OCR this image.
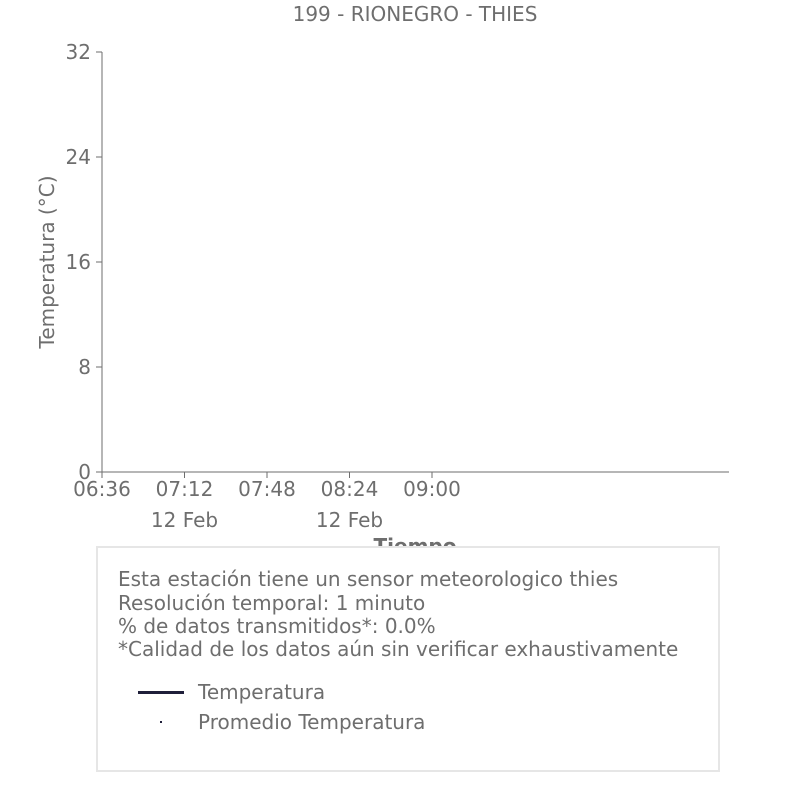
199 - RIONEGRO - THIES
0
8
16
24
32
06:36 07:12
12 Feb
07:48 08:24
12 Feb
09:00
Temperatura (°C)
Esta estación tiene un sensor meteorologico thies
Resolución temporal: 1 minuto
% de datos transmitidos*: 0.0%
*Calidad de los datos aún sin verificar exhaustivamente
Temperatura
Promedio Temperatura
